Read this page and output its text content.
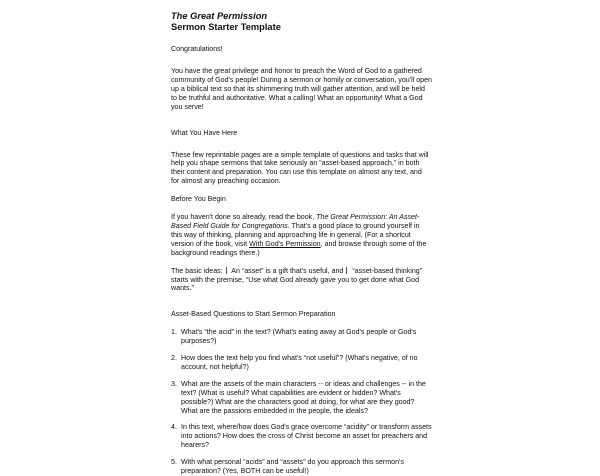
The Great Permission
Sermon Starter Template

Congratulations!

You have the great privilege and honor to preach the Word of God to a gathered community of God's people! During a sermon or homily or conversation, you'll open up a biblical text so that its shimmering truth will gather attention, and will be held to be truthful and authoritative. What a calling! What an opportunity! What a God you serve!

What You Have Here

These few reprintable pages are a simple template of questions and tasks that will help you shape sermons that take seriously an “asset-based approach,” in both their content and preparation. You can use this template on almost any text, and for almost any preaching occasion.

Before You Begin

If you haven't done so already, read the book, The Great Permission: An Asset-Based Field Guide for Congregations. That's a good place to ground yourself in this way of thinking, planning and approaching life in general. (For a shortcut version of the book, visit With God's Permission, and browse through some of the background readings there.)

The basic ideas:  An “asset” is a gift that's useful, and  “asset-based thinking” starts with the premise, “Use what God already gave you to get done what God wants.”

Asset-Based Questions to Start Sermon Preparation

1. What's “the acid” in the text? (What's eating away at God's people or God's purposes?)
2. How does the text help you find what's “not useful”? (What's negative, of no account, not helpful?)
3. What are the assets of the main characters -- or ideas and challenges -- in the text? (What is useful? What capabilities are evident or hidden? What's possible?) What are the characters good at doing, for what are they good? What are the passions embedded in the people, the ideals?
4. In this text, where/how does God's grace overcome “acidity” or transform assets into actions? How does the cross of Christ become an asset for preachers and hearers?
5. With what personal “acids” and “assets” do you approach this sermon's preparation? (Yes, BOTH can be useful!)
